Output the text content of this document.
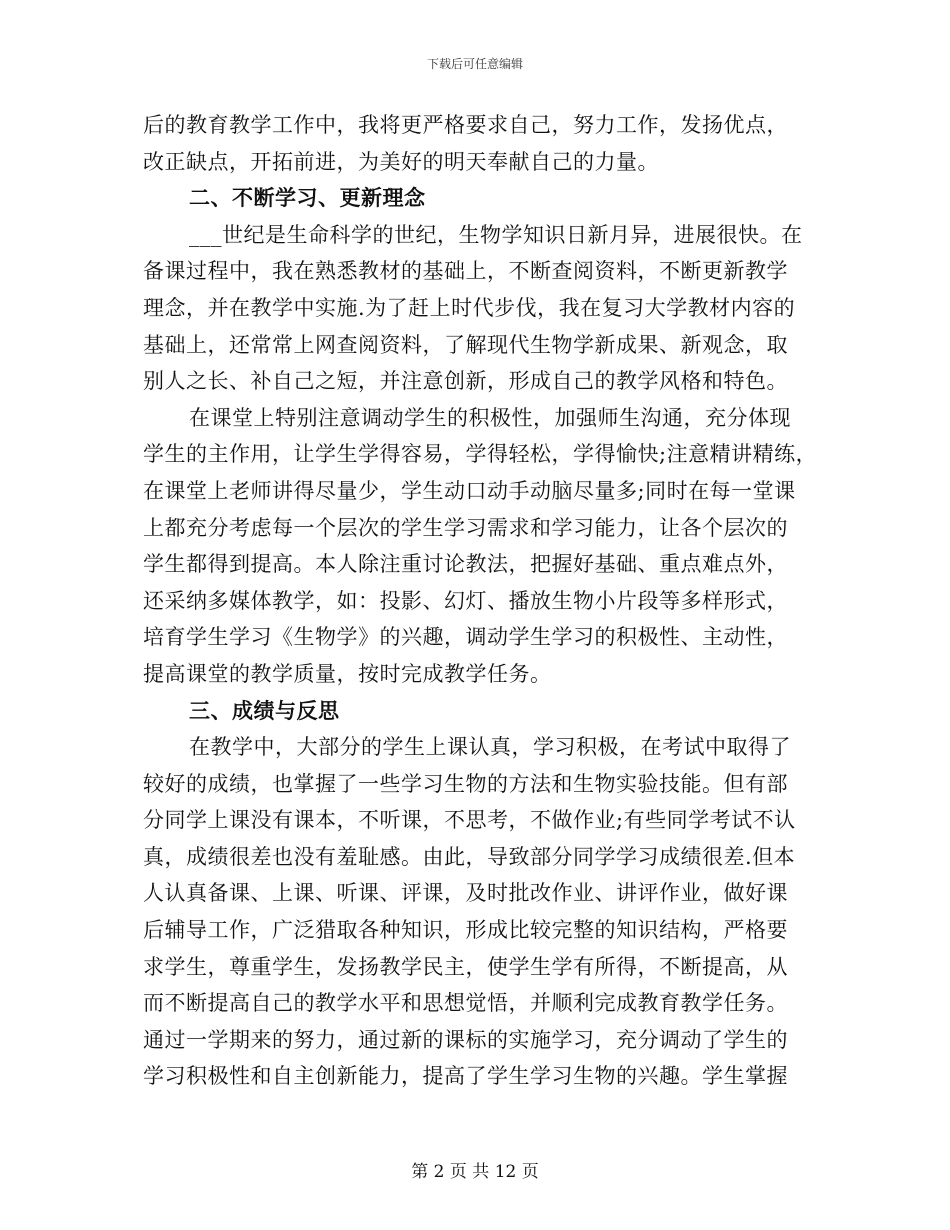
下载后可任意编辑
后的教育教学工作中，我将更严格要求自己，努力工作，发扬优点，
改正缺点，开拓前进，为美好的明天奉献自己的力量。
二、不断学习、更新理念
___世纪是生命科学的世纪，生物学知识日新月异，进展很快。在
备课过程中，我在熟悉教材的基础上，不断查阅资料，不断更新教学
理念，并在教学中实施.为了赶上时代步伐，我在复习大学教材内容的
基础上，还常常上网查阅资料，了解现代生物学新成果、新观念，取
别人之长、补自己之短，并注意创新，形成自己的教学风格和特色。
在课堂上特别注意调动学生的积极性，加强师生沟通，充分体现
学生的主作用，让学生学得容易，学得轻松，学得愉快;注意精讲精练，
在课堂上老师讲得尽量少，学生动口动手动脑尽量多;同时在每一堂课
上都充分考虑每一个层次的学生学习需求和学习能力，让各个层次的
学生都得到提高。本人除注重讨论教法，把握好基础、重点难点外，
还采纳多媒体教学，如：投影、幻灯、播放生物小片段等多样形式，
培育学生学习《生物学》的兴趣，调动学生学习的积极性、主动性，
提高课堂的教学质量，按时完成教学任务。
三、成绩与反思
在教学中，大部分的学生上课认真，学习积极，在考试中取得了
较好的成绩，也掌握了一些学习生物的方法和生物实验技能。但有部
分同学上课没有课本，不听课，不思考，不做作业;有些同学考试不认
真，成绩很差也没有羞耻感。由此，导致部分同学学习成绩很差.但本
人认真备课、上课、听课、评课，及时批改作业、讲评作业，做好课
后辅导工作，广泛猎取各种知识，形成比较完整的知识结构，严格要
求学生，尊重学生，发扬教学民主，使学生学有所得，不断提高，从
而不断提高自己的教学水平和思想觉悟，并顺利完成教育教学任务。
通过一学期来的努力，通过新的课标的实施学习，充分调动了学生的
学习积极性和自主创新能力，提高了学生学习生物的兴趣。学生掌握
第 2 页 共 12 页
